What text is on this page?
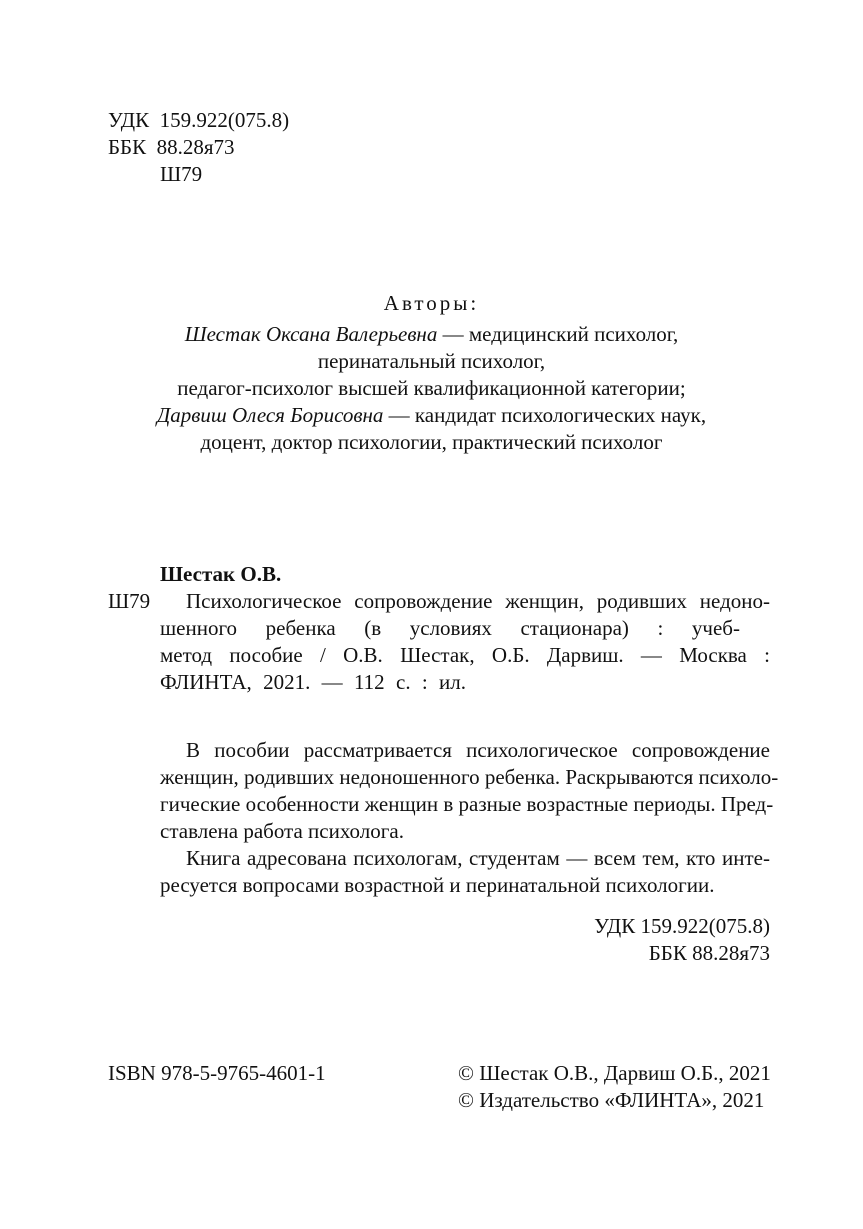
УДК 159.922(075.8)
ББК 88.28я73
Ш79
Авторы:
Шестак Оксана Валерьевна — медицинский психолог,
перинатальный психолог,
педагог-психолог высшей квалификационной категории;
Дарвиш Олеся Борисовна — кандидат психологических наук,
доцент, доктор психологии, практический психолог
Шестак О.В.
Ш79 Психологическое сопровождение женщин, родивших недоно-
шенного ребенка (в условиях стационара) : учеб-
метод пособие / О.В. Шестак, О.Б. Дарвиш. — Москва :
ФЛИНТА, 2021. — 112 с. : ил.
В пособии рассматривается психологическое сопровождение
женщин, родивших недоношенного ребенка. Раскрываются психоло-
гические особенности женщин в разные возрастные периоды. Пред-
ставлена работа психолога.
Книга адресована психологам, студентам — всем тем, кто инте-
ресуется вопросами возрастной и перинатальной психологии.
УДК 159.922(075.8)
ББК 88.28я73
ISBN 978-5-9765-4601-1	© Шестак О.В., Дарвиш О.Б., 2021
© Издательство «ФЛИНТА», 2021
